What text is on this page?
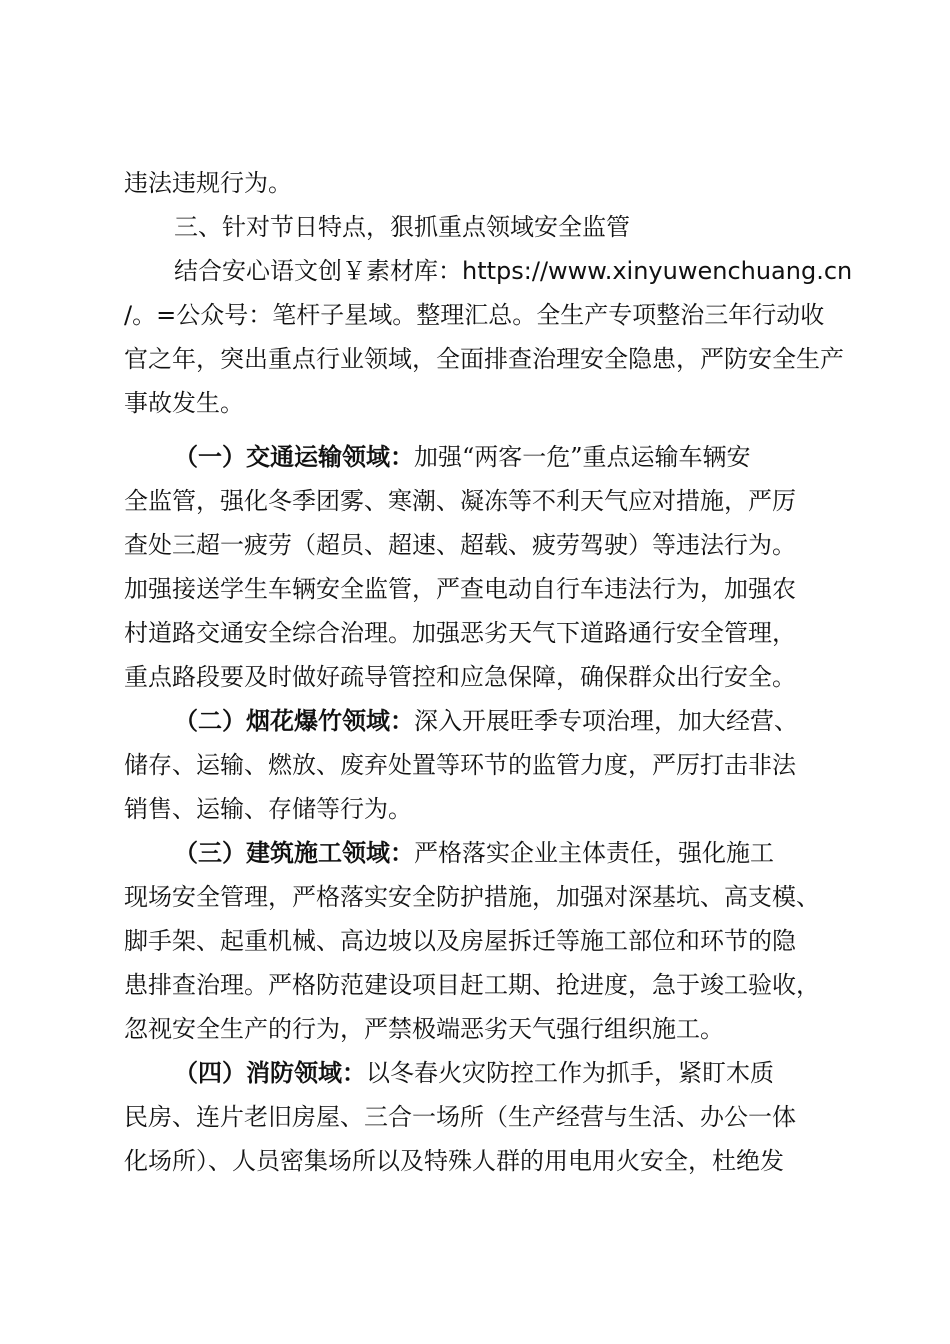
违法违规行为。
三、针对节日特点，狠抓重点领域安全监管
结合安心语文创￥素材库：https://www.xinyuwenchuang.cn
/。=公众号：笔杆子星域。整理汇总。全生产专项整治三年行动收
官之年，突出重点行业领域，全面排查治理安全隐患，严防安全生产
事故发生。
（一）交通运输领域：加强“两客一危”重点运输车辆安
全监管，强化冬季团雾、寒潮、凝冻等不利天气应对措施，严厉
查处三超一疲劳（超员、超速、超载、疲劳驾驶）等违法行为。
加强接送学生车辆安全监管，严查电动自行车违法行为，加强农
村道路交通安全综合治理。加强恶劣天气下道路通行安全管理，
重点路段要及时做好疏导管控和应急保障，确保群众出行安全。
（二）烟花爆竹领域：深入开展旺季专项治理，加大经营、
储存、运输、燃放、废弃处置等环节的监管力度，严厉打击非法
销售、运输、存储等行为。
（三）建筑施工领域：严格落实企业主体责任，强化施工
现场安全管理，严格落实安全防护措施，加强对深基坑、高支模、
脚手架、起重机械、高边坡以及房屋拆迁等施工部位和环节的隐
患排查治理。严格防范建设项目赶工期、抢进度，急于竣工验收，
忽视安全生产的行为，严禁极端恶劣天气强行组织施工。
（四）消防领域：以冬春火灾防控工作为抓手，紧盯木质
民房、连片老旧房屋、三合一场所（生产经营与生活、办公一体
化场所）、人员密集场所以及特殊人群的用电用火安全，杜绝发
